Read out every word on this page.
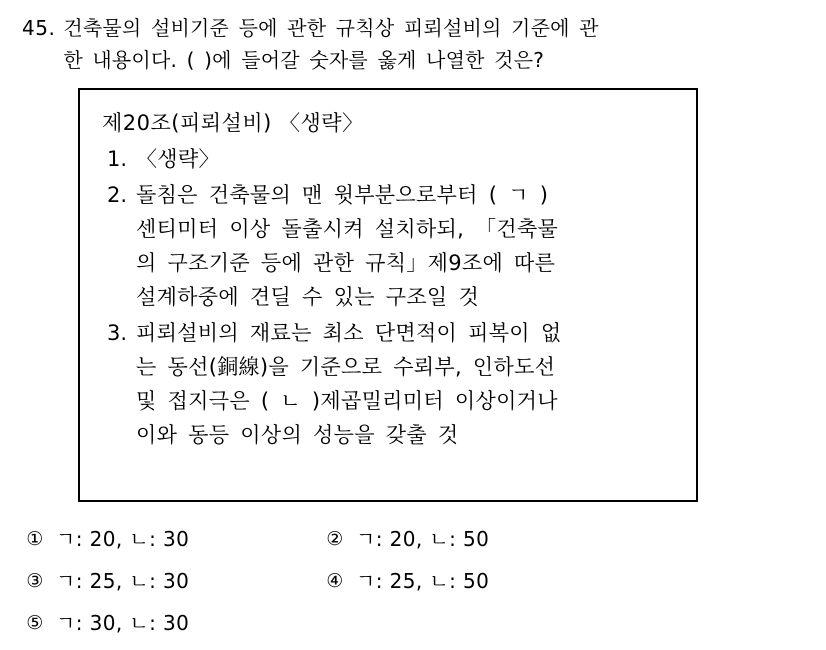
45. 건축물의 설비기준 등에 관한 규칙상 피뢰설비의 기준에 관
한 내용이다. ( )에 들어갈 숫자를 옳게 나열한 것은?
제20조(피뢰설비) 〈생략〉
1. 〈생략〉
2. 돌침은 건축물의 맨 윗부분으로부터 ( ㄱ )
센티미터 이상 돌출시켜 설치하되, 「건축물
의 구조기준 등에 관한 규칙」제9조에 따른
설계하중에 견딜 수 있는 구조일 것
3. 피뢰설비의 재료는 최소 단면적이 피복이 없
는 동선(銅線)을 기준으로 수뢰부, 인하도선
및 접지극은 ( ㄴ )제곱밀리미터 이상이거나
이와 동등 이상의 성능을 갖출 것
① ㄱ: 20, ㄴ: 30	② ㄱ: 20, ㄴ: 50
③ ㄱ: 25, ㄴ: 30	④ ㄱ: 25, ㄴ: 50
⑤ ㄱ: 30, ㄴ: 30
